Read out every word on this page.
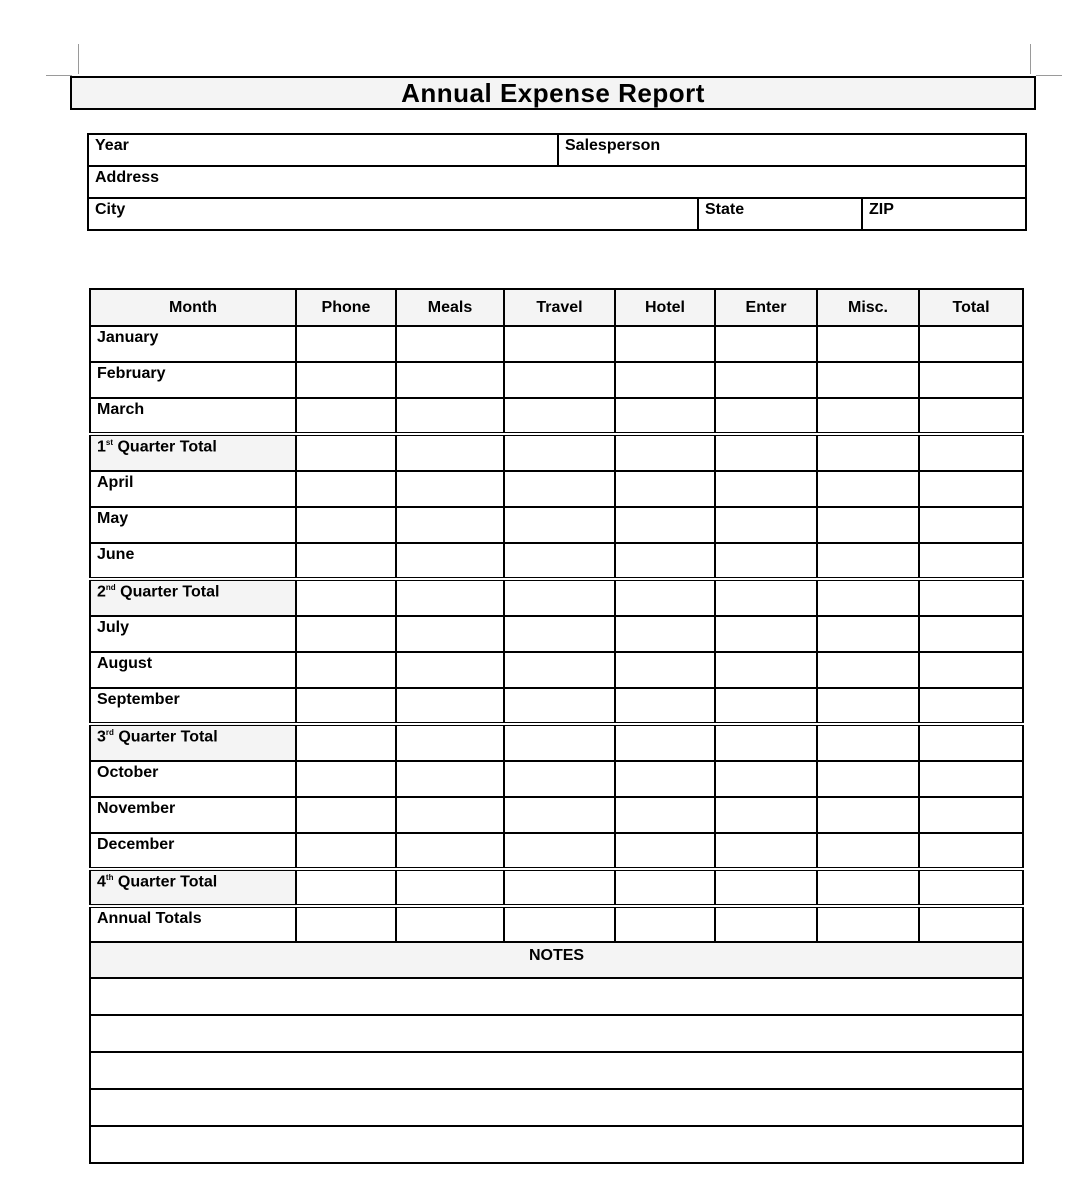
Annual Expense Report
Year	Salesperson		
Address			
City		State	ZIP
Month	Phone	Meals	Travel	Hotel	Enter	Misc.	Total
January							
February							
March							
1st Quarter Total							
April							
May							
June							
2nd Quarter Total							
July							
August							
September							
3rd Quarter Total							
October							
November							
December							
4th Quarter Total							
Annual Totals							
NOTES							
